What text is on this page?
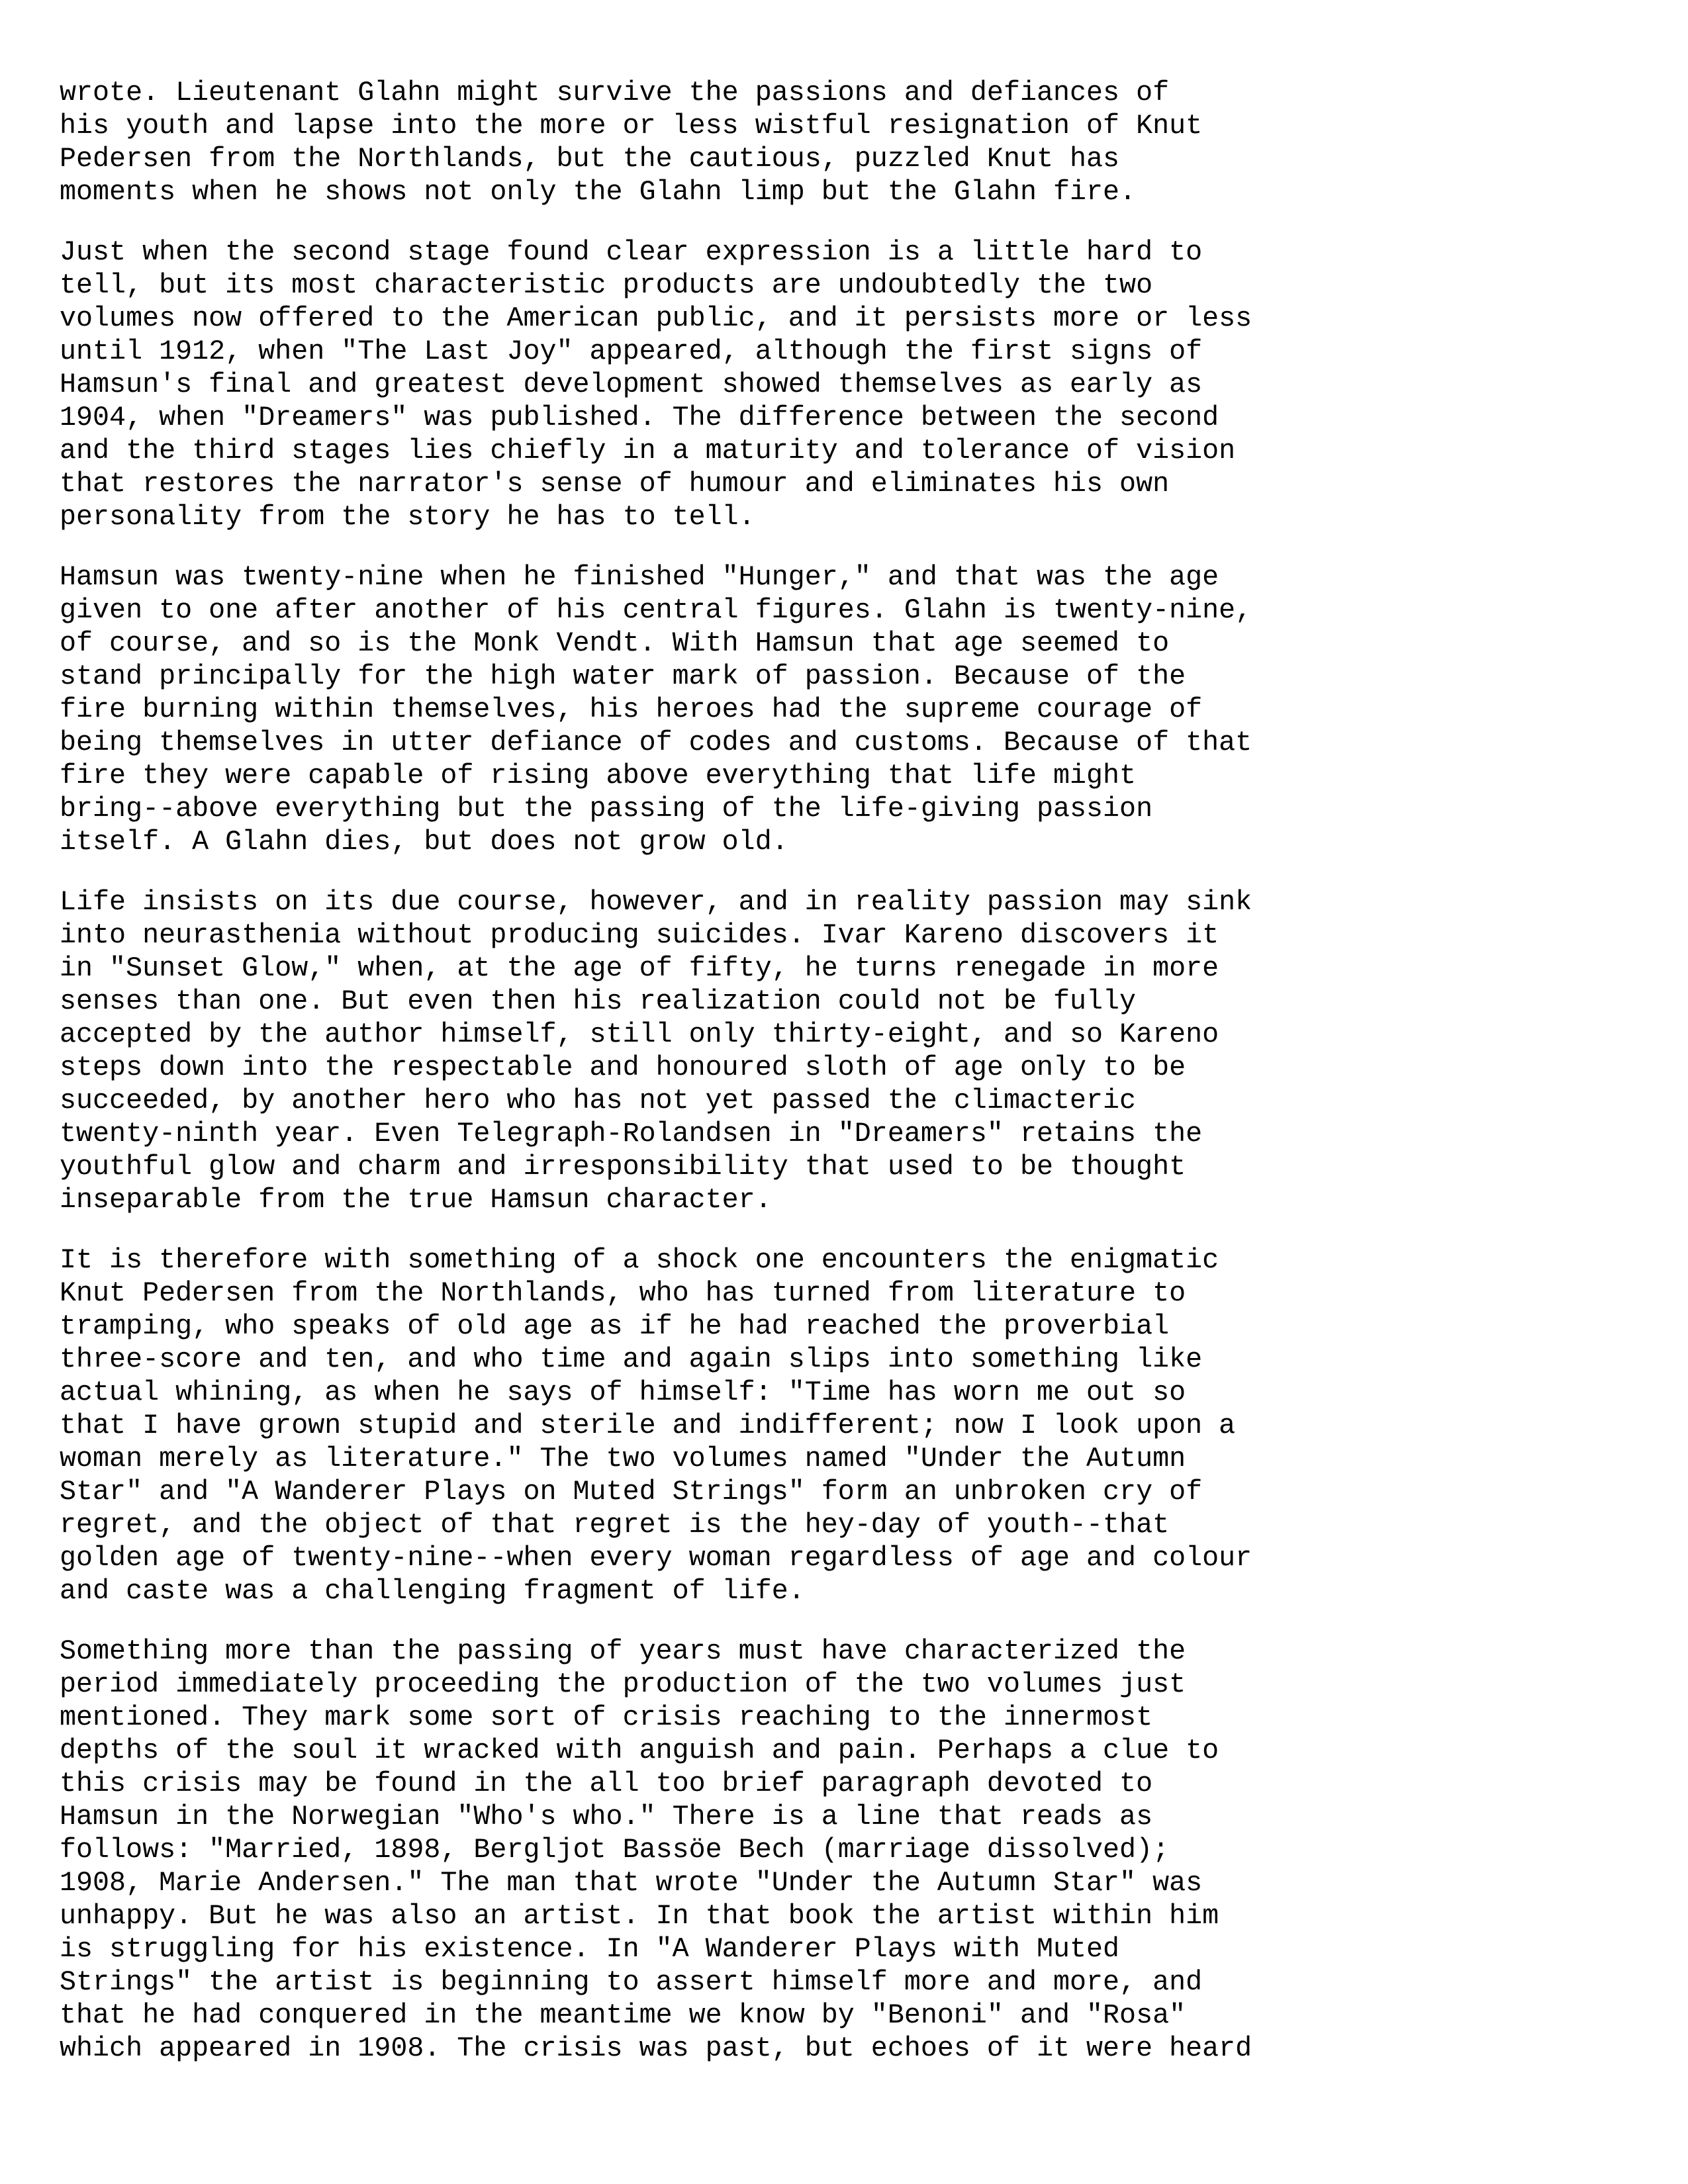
wrote. Lieutenant Glahn might survive the passions and defiances of
his youth and lapse into the more or less wistful resignation of Knut
Pedersen from the Northlands, but the cautious, puzzled Knut has
moments when he shows not only the Glahn limp but the Glahn fire.
Just when the second stage found clear expression is a little hard to
tell, but its most characteristic products are undoubtedly the two
volumes now offered to the American public, and it persists more or less
until 1912, when "The Last Joy" appeared, although the first signs of
Hamsun's final and greatest development showed themselves as early as
1904, when "Dreamers" was published. The difference between the second
and the third stages lies chiefly in a maturity and tolerance of vision
that restores the narrator's sense of humour and eliminates his own
personality from the story he has to tell.
Hamsun was twenty-nine when he finished "Hunger," and that was the age
given to one after another of his central figures. Glahn is twenty-nine,
of course, and so is the Monk Vendt. With Hamsun that age seemed to
stand principally for the high water mark of passion. Because of the
fire burning within themselves, his heroes had the supreme courage of
being themselves in utter defiance of codes and customs. Because of that
fire they were capable of rising above everything that life might
bring--above everything but the passing of the life-giving passion
itself. A Glahn dies, but does not grow old.
Life insists on its due course, however, and in reality passion may sink
into neurasthenia without producing suicides. Ivar Kareno discovers it
in "Sunset Glow," when, at the age of fifty, he turns renegade in more
senses than one. But even then his realization could not be fully
accepted by the author himself, still only thirty-eight, and so Kareno
steps down into the respectable and honoured sloth of age only to be
succeeded, by another hero who has not yet passed the climacteric
twenty-ninth year. Even Telegraph-Rolandsen in "Dreamers" retains the
youthful glow and charm and irresponsibility that used to be thought
inseparable from the true Hamsun character.
It is therefore with something of a shock one encounters the enigmatic
Knut Pedersen from the Northlands, who has turned from literature to
tramping, who speaks of old age as if he had reached the proverbial
three-score and ten, and who time and again slips into something like
actual whining, as when he says of himself: "Time has worn me out so
that I have grown stupid and sterile and indifferent; now I look upon a
woman merely as literature." The two volumes named "Under the Autumn
Star" and "A Wanderer Plays on Muted Strings" form an unbroken cry of
regret, and the object of that regret is the hey-day of youth--that
golden age of twenty-nine--when every woman regardless of age and colour
and caste was a challenging fragment of life.
Something more than the passing of years must have characterized the
period immediately proceeding the production of the two volumes just
mentioned. They mark some sort of crisis reaching to the innermost
depths of the soul it wracked with anguish and pain. Perhaps a clue to
this crisis may be found in the all too brief paragraph devoted to
Hamsun in the Norwegian "Who's who." There is a line that reads as
follows: "Married, 1898, Bergljot Bassöe Bech (marriage dissolved);
1908, Marie Andersen." The man that wrote "Under the Autumn Star" was
unhappy. But he was also an artist. In that book the artist within him
is struggling for his existence. In "A Wanderer Plays with Muted
Strings" the artist is beginning to assert himself more and more, and
that he had conquered in the meantime we know by "Benoni" and "Rosa"
which appeared in 1908. The crisis was past, but echoes of it were heard
